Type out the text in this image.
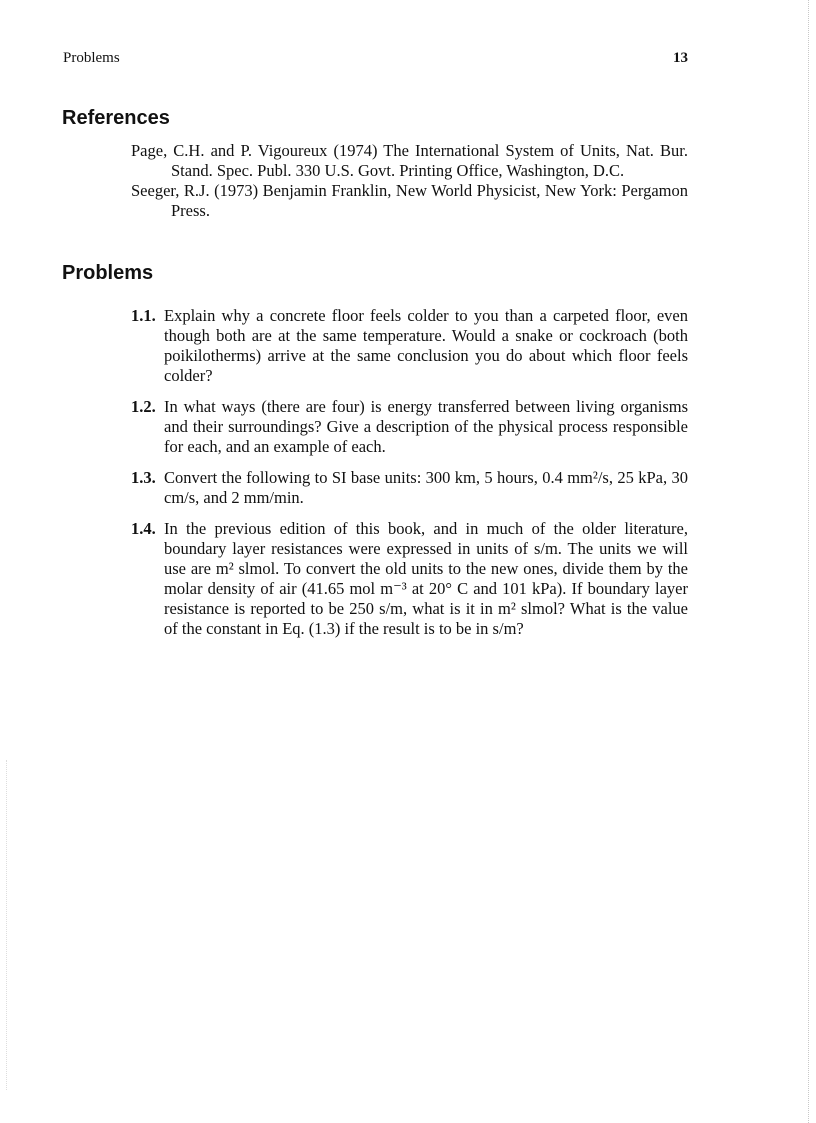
Problems	13
References
Page, C.H. and P. Vigoureux (1974) The International System of Units, Nat. Bur. Stand. Spec. Publ. 330 U.S. Govt. Printing Office, Washington, D.C.
Seeger, R.J. (1973) Benjamin Franklin, New World Physicist, New York: Pergamon Press.
Problems
1.1. Explain why a concrete floor feels colder to you than a carpeted floor, even though both are at the same temperature. Would a snake or cockroach (both poikilotherms) arrive at the same conclusion you do about which floor feels colder?
1.2. In what ways (there are four) is energy transferred between living organisms and their surroundings? Give a description of the physical process responsible for each, and an example of each.
1.3. Convert the following to SI base units: 300 km, 5 hours, 0.4 mm²/s, 25 kPa, 30 cm/s, and 2 mm/min.
1.4. In the previous edition of this book, and in much of the older literature, boundary layer resistances were expressed in units of s/m. The units we will use are m² slmol. To convert the old units to the new ones, divide them by the molar density of air (41.65 mol m⁻³ at 20° C and 101 kPa). If boundary layer resistance is reported to be 250 s/m, what is it in m² slmol? What is the value of the constant in Eq. (1.3) if the result is to be in s/m?
